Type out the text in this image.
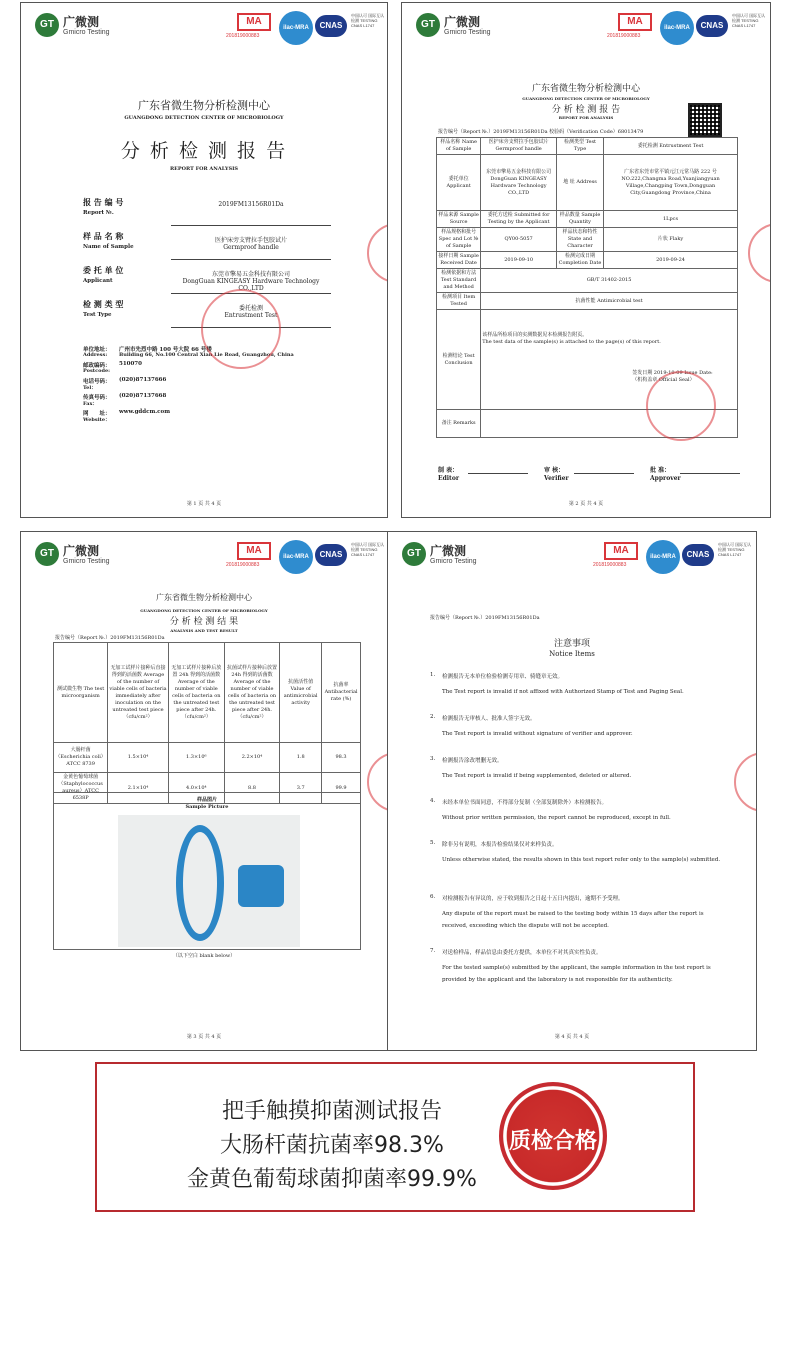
GT 广微测
Gmicro Testing
MA
201819000883
ilac-MRA	CNAS
中国认可 国际互认 检测 TESTING CNAS L1747
广东省微生物分析检测中心
GUANGDONG DETECTION CENTER OF MICROBIOLOGY
分 析 检 测 报 告
REPORT FOR ANALYSIS
报 告 编 号
Report №.
2019FM13156R01Da
样 品 名 称
Name of Sample
医护床旁支臂拉手包胶试片
Germproof handle
委 托 单 位
Applicant
东莞市擎易五金科技有限公司
DongGuan KINGEASY Hardware Technology CO.,LTD
检 测 类 型
Test Type
委托检测
Entrustment Test
单位地址：
Address:
广州市先烈中路 100 号大院 66 号楼
Building 66, No.100 Central Xian Lie Road, Guangzhou, China
邮政编码：
Postcode:
510070
电话号码：
Tel：
(020)87137666
传真号码：
Fax：
(020)87137668
网　　址：
Website：
www.gddcm.com
第 1 页 共 4 页
GT 广微测
Gmicro Testing
MA
201819000883
ilac-MRA	CNAS
中国认可 国际互认 检测 TESTING CNAS L1747
广东省微生物分析检测中心
GUANGDONG DETECTION CENTER OF MICROBIOLOGY
分 析 检 测 报 告
REPORT FOR ANALYSIS
报告编号（Report №.）2019FM13156R01Da 校验码（Verification Code）68013479
样品名称 Name of Sample	医护床旁支臂拉手包胶试片 Germproof handle	检测类型 Test Type	委托检测 Entrustment Test
委托单位 Applicant	东莞市擎易五金科技有限公司 DongGuan KINGEASY Hardware Technology CO.,LTD	地 址 Address	广东省东莞市常平镇元江元常马路 222 号 NO.222,Changma Road,Yuanjiangyuan Village,Changping Town,Dongguan City,Guangdong Province,China
样品来源 Sample Source	委托方送检 Submitted for Testing by the Applicant	样品数量 Sample Quantity	1Lpcs
样品规格和批号 Spec and Lot № of Sample	QY00-5057	样品状态和特性 State and Character	片状 Flaky
接样日期 Sample Received Date	2019-09-10	检测完成日期 Completion Date	2019-09-24
检测依据和方法 Test Standard and Method	GB/T 31402-2015		
检测项目 Item Tested	抗菌性能 Antimicrobial test		
检测结论 Test Conclusion	该样品所检项目的实测数据见本检测报告附页。
The test data of the sample(s) is attached to the page(s) of this report.
签发日期 2019-10-09 Issue Date:
（机构盖章 Official Seal）		

备注 Remarks			
制 表：
Editor
审 核：
Verifier
批 准：
Approver
第 2 页 共 4 页
GT 广微测
Gmicro Testing
MA
201819000883
ilac-MRA	CNAS
中国认可 国际互认 检测 TESTING CNAS L1747
广东省微生物分析检测中心
GUANGDONG DETECTION CENTER OF MICROBIOLOGY
分 析 检 测 结 果
ANALYSIS AND TEST RESULT
报告编号（Report №.）2019FM13156R01Da
测试微生物 The test microorganism	无加工试样片接种后直接得到的活菌数 Average of the number of viable cells of bacteria immediately after inoculation on the untreated test piece（cfu/cm²）	无加工试样片接种后放置 24h 得到的活菌数 Average of the number of viable cells of bacteria on the untreated test piece after 24h.（cfu/cm²）	抗菌试样片接种后放置 24h 得到的活菌数 Average of the number of viable cells of bacteria on the untreated test piece after 24h.（cfu/cm²）	抗菌活性值 Value of antimicrobial activity	抗菌率 Antibacterial rate (%)
大肠杆菌（Escherichia coli）ATCC 8739	1.5×10⁴	1.3×10⁶	2.2×10⁴	1.8	98.3
金黄色葡萄球菌（Staphylococcus aureus）ATCC 6538P	2.1×10⁴	4.0×10⁴	8.8	3.7	99.9
样品图片
Sample Picture
（以下空白 blank below）
第 3 页 共 4 页
GT 广微测
Gmicro Testing
MA
201819000883
ilac-MRA	CNAS
中国认可 国际互认 检测 TESTING CNAS L1747
报告编号（Report №.）2019FM13156R01Da
注意事项
Notice Items
1. 检测报告无本单位检验检测专用章、骑缝章无效。
The Test report is invalid if not affixed with Authorized Stamp of Test and Paging Seal.
2. 检测报告无审核人、批准人签字无效。
The Test report is invalid without signature of verifier and approver.
3. 检测报告涂改增删无效。
The Test report is invalid if being supplemented, deleted or altered.
4. 未经本单位书面同意，不得部分复制（全部复制除外）本检测报告。
Without prior written permission, the report cannot be reproduced, except in full.
5. 除非另有说明，本报告检验结果仅对来样负责。
Unless otherwise stated, the results shown in this test report refer only to the sample(s) submitted.
6. 对检测报告有异议的，应于收到报告之日起十五日内提出，逾期不予受理。
Any dispute of the report must be raised to the testing body within 15 days after the report is received, exceeding which the dispute will not be accepted.
7. 对送检样品，样品信息由委托方提供，本单位不对其真实性负责。
For the tested sample(s) submitted by the applicant, the sample information in the test report is provided by the applicant and the laboratory is not responsible for its authenticity.
第 4 页 共 4 页
把手触摸抑菌测试报告
大肠杆菌抗菌率98.3%
金黄色葡萄球菌抑菌率99.9%
质检合格
